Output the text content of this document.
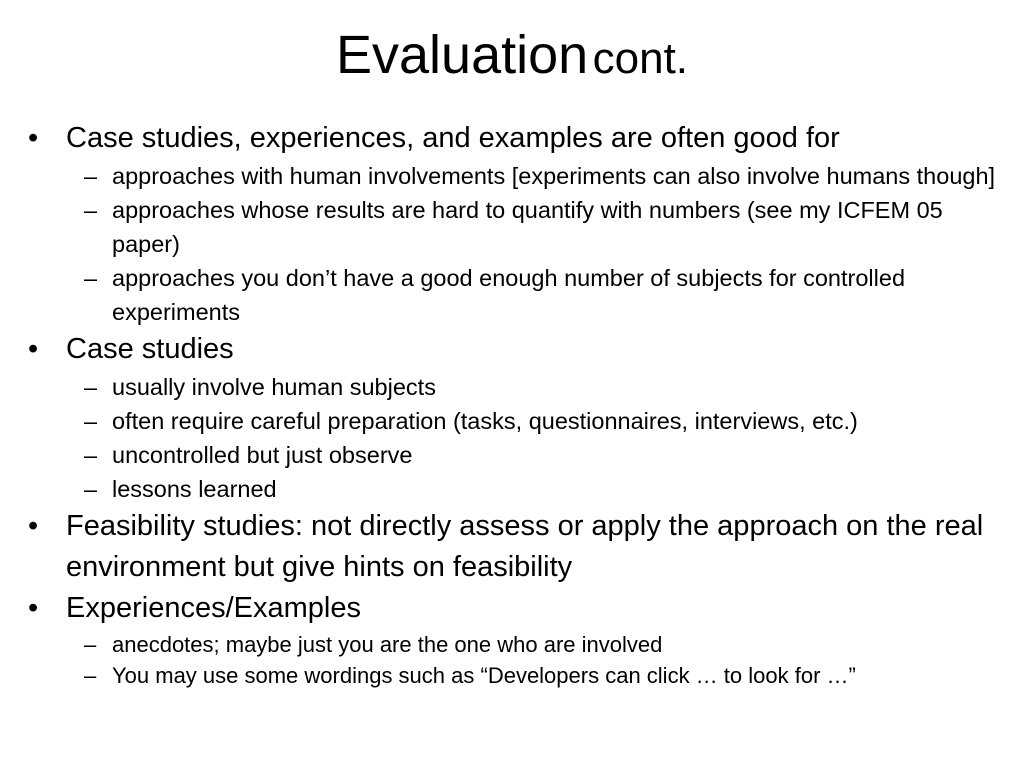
Evaluation cont.
• Case studies, experiences, and examples are often good for
– approaches with human involvements [experiments can also involve humans though]
– approaches whose results are hard to quantify with numbers (see my ICFEM 05 paper)
– approaches you don’t have a good enough number of subjects for controlled experiments
• Case studies
– usually involve human subjects
– often require careful preparation (tasks, questionnaires, interviews, etc.)
– uncontrolled but just observe
– lessons learned
• Feasibility studies: not directly assess or apply the approach on the real environment but give hints on feasibility
• Experiences/Examples
– anecdotes; maybe just you are the one who are involved
– You may use some wordings such as “Developers can click … to look for …”
